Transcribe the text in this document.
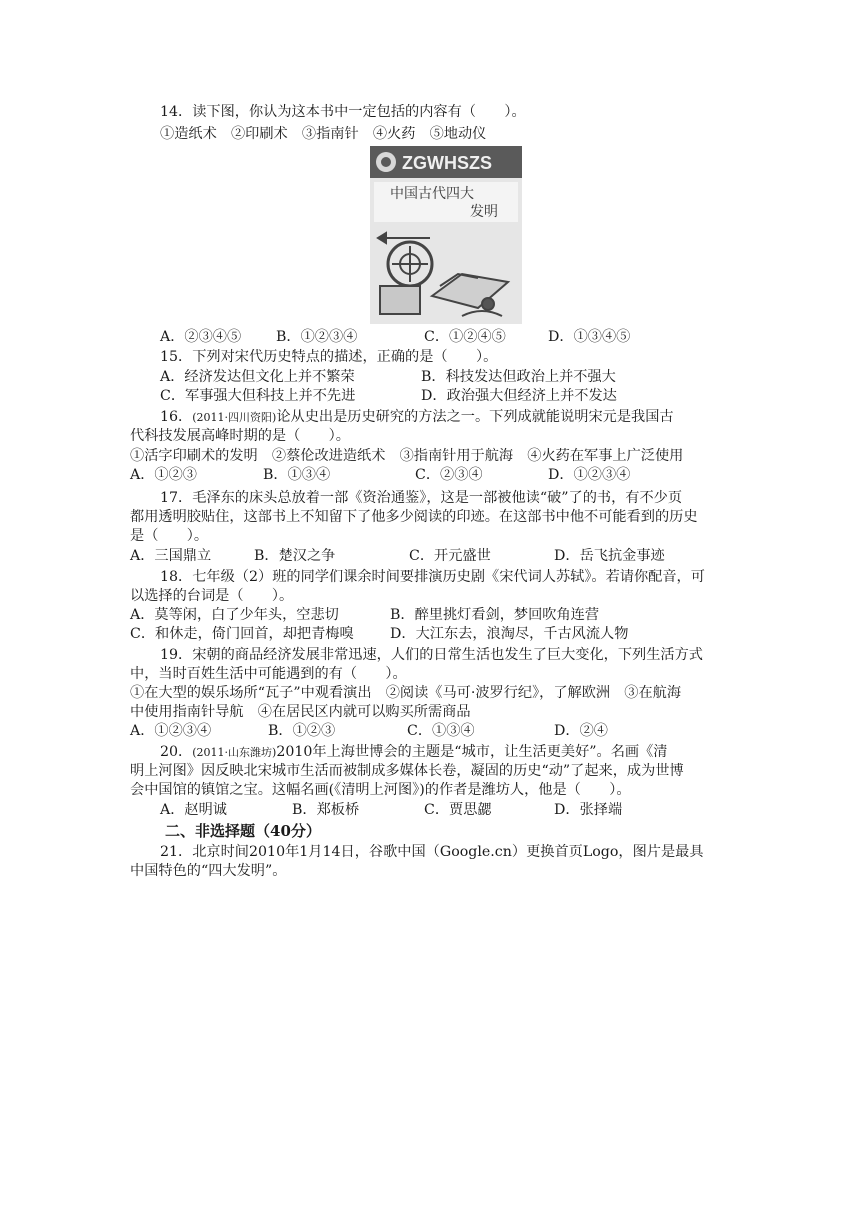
14．读下图，你认为这本书中一定包括的内容有（　　）。
①造纸术　②印刷术　③指南针　④火药　⑤地动仪
ZGWHSZS
中国古代四大
发明
A．②③④⑤ B．①②③④	C．①②④⑤	D．①③④⑤
15．下列对宋代历史特点的描述，正确的是（　　）。
A．经济发达但文化上并不繁荣	B．科技发达但政治上并不强大
C．军事强大但科技上并不先进	D．政治强大但经济上并不发达
16．(2011·四川资阳)论从史出是历史研究的方法之一。下列成就能说明宋元是我国古
代科技发展高峰时期的是（　　）。
①活字印刷术的发明　②蔡伦改进造纸术　③指南针用于航海　④火药在军事上广泛使用
A．①②③	B．①③④	C．②③④	D．①②③④
17．毛泽东的床头总放着一部《资治通鉴》，这是一部被他读“破”了的书，有不少页
都用透明胶贴住，这部书上不知留下了他多少阅读的印迹。在这部书中他不可能看到的历史
是（　　）。
A．三国鼎立	B．楚汉之争	C．开元盛世	D．岳飞抗金事迹
18．七年级（2）班的同学们课余时间要排演历史剧《宋代词人苏轼》。若请你配音，可
以选择的台词是（　　）。
A．莫等闲，白了少年头，空悲切	B．醉里挑灯看剑，梦回吹角连营
C．和休走，倚门回首，却把青梅嗅	D．大江东去，浪淘尽，千古风流人物
19．宋朝的商品经济发展非常迅速，人们的日常生活也发生了巨大变化，下列生活方式
中，当时百姓生活中可能遇到的有（　　）。
①在大型的娱乐场所“瓦子”中观看演出　②阅读《马可·波罗行纪》，了解欧洲　③在航海
中使用指南针导航　④在居民区内就可以购买所需商品
A．①②③④	B．①②③	C．①③④	D．②④
20．(2011·山东潍坊)2010年上海世博会的主题是“城市，让生活更美好”。名画《清
明上河图》因反映北宋城市生活而被制成多媒体长卷，凝固的历史“动”了起来，成为世博
会中国馆的镇馆之宝。这幅名画(《清明上河图》)的作者是潍坊人，他是（　　）。
A．赵明诚	B．郑板桥	C．贾思勰	D．张择端
二、非选择题（40分）
21．北京时间2010年1月14日，谷歌中国（Google.cn）更换首页Logo，图片是最具
中国特色的“四大发明”。
